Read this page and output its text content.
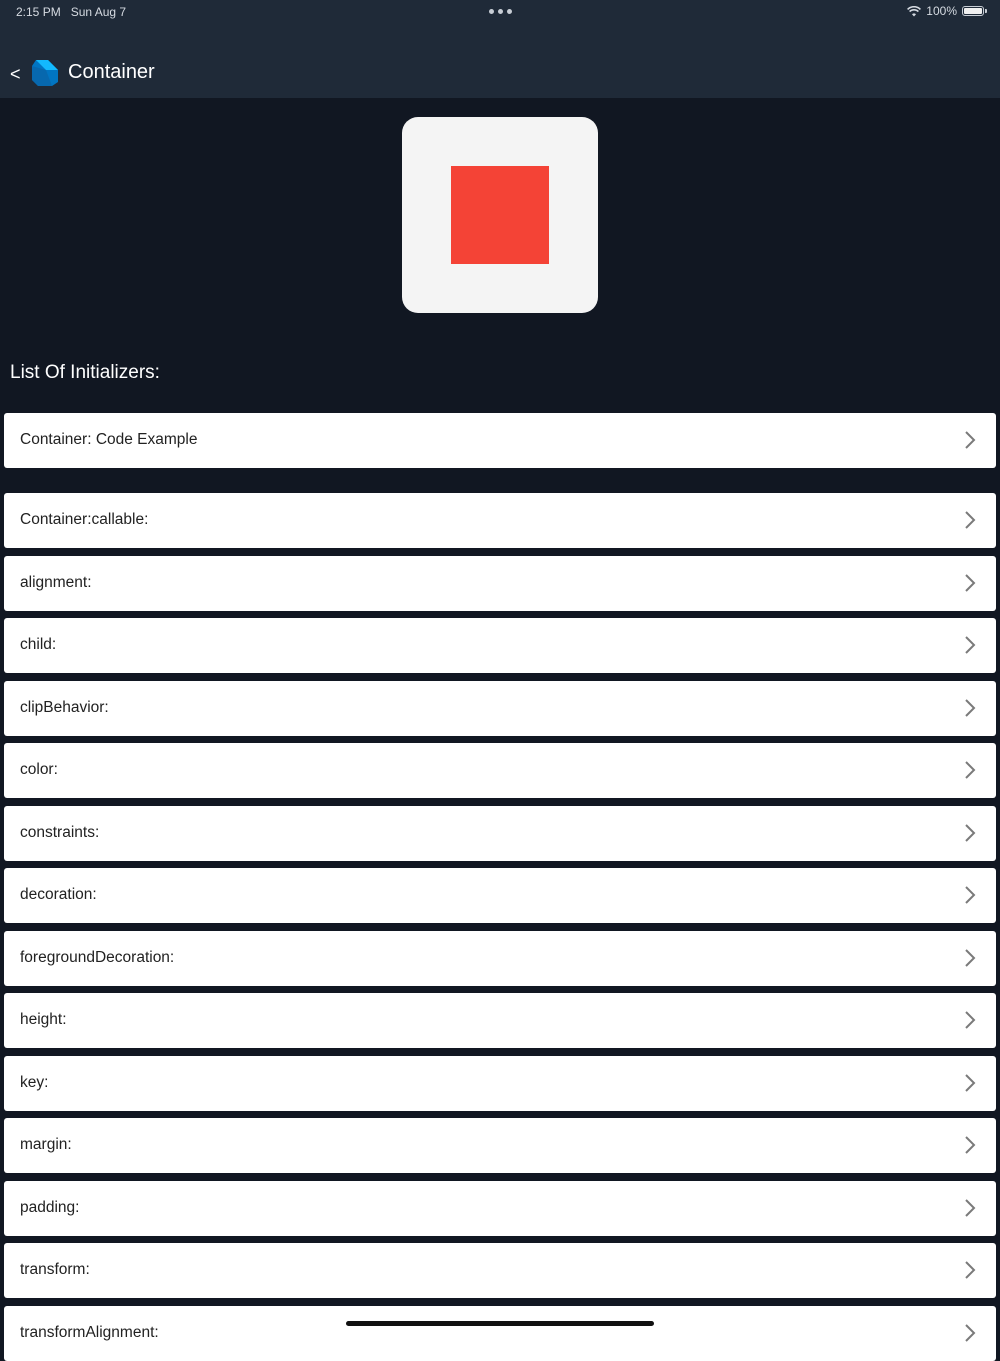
2:15 PM Sun Aug 7	100%
< Container
List Of Initializers:
Container: Code Example
Container:callable:
alignment:
child:
clipBehavior:
color:
constraints:
decoration:
foregroundDecoration:
height:
key:
margin:
padding:
transform:
transformAlignment:
